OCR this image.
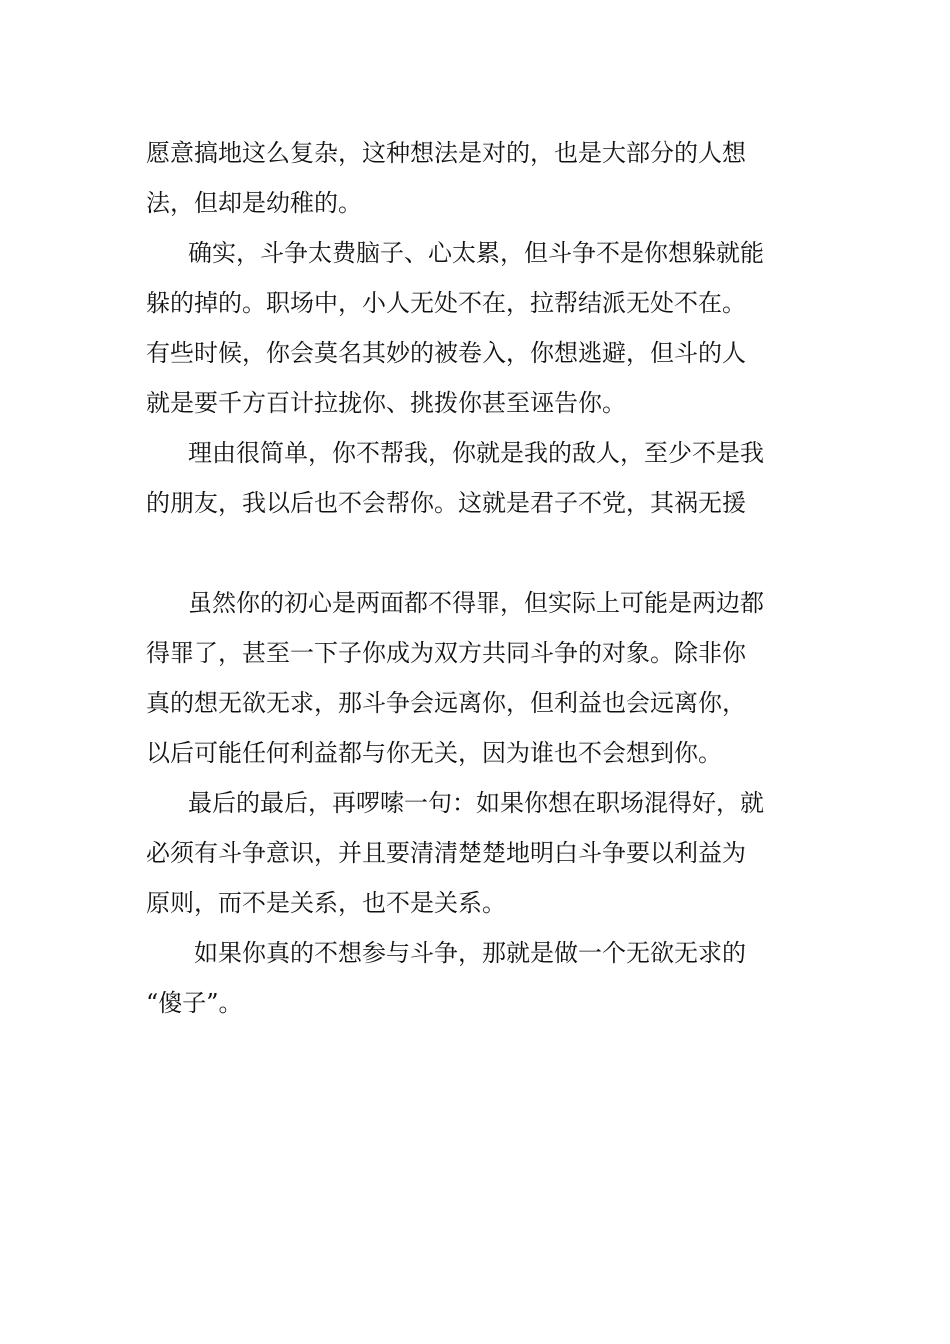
愿意搞地这么复杂，这种想法是对的，也是大部分的人想
法，但却是幼稚的。
确实，斗争太费脑子、心太累，但斗争不是你想躲就能
躲的掉的。职场中，小人无处不在，拉帮结派无处不在。
有些时候，你会莫名其妙的被卷入，你想逃避，但斗的人
就是要千方百计拉拢你、挑拨你甚至诬告你。
理由很简单，你不帮我，你就是我的敌人，至少不是我
的朋友，我以后也不会帮你。这就是君子不党，其祸无援
虽然你的初心是两面都不得罪，但实际上可能是两边都
得罪了，甚至一下子你成为双方共同斗争的对象。除非你
真的想无欲无求，那斗争会远离你，但利益也会远离你，
以后可能任何利益都与你无关，因为谁也不会想到你。
最后的最后，再啰嗦一句：如果你想在职场混得好，就
必须有斗争意识，并且要清清楚楚地明白斗争要以利益为
原则，而不是关系，也不是关系。
如果你真的不想参与斗争，那就是做一个无欲无求的
“傻子”。
